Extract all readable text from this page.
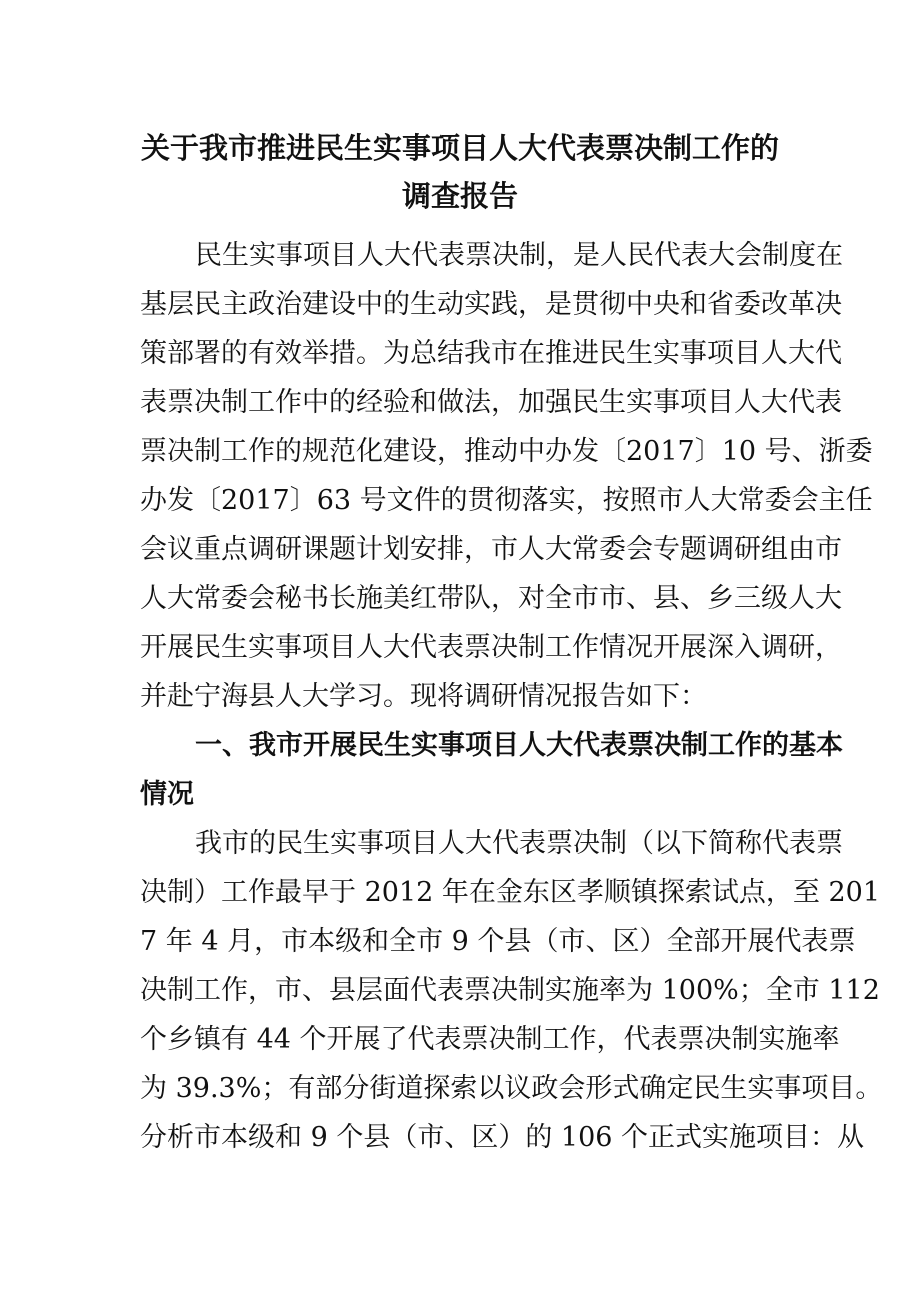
关于我市推进民生实事项目人大代表票决制工作的
调查报告
民生实事项目人大代表票决制，是人民代表大会制度在
基层民主政治建设中的生动实践，是贯彻中央和省委改革决
策部署的有效举措。为总结我市在推进民生实事项目人大代
表票决制工作中的经验和做法，加强民生实事项目人大代表
票决制工作的规范化建设，推动中办发〔2017〕10 号、浙委
办发〔2017〕63 号文件的贯彻落实，按照市人大常委会主任
会议重点调研课题计划安排，市人大常委会专题调研组由市
人大常委会秘书长施美红带队，对全市市、县、乡三级人大
开展民生实事项目人大代表票决制工作情况开展深入调研，
并赴宁海县人大学习。现将调研情况报告如下：
一、我市开展民生实事项目人大代表票决制工作的基本
情况
我市的民生实事项目人大代表票决制（以下简称代表票
决制）工作最早于 2012 年在金东区孝顺镇探索试点，至 201
7 年 4 月，市本级和全市 9 个县（市、区）全部开展代表票
决制工作，市、县层面代表票决制实施率为 100%；全市 112
个乡镇有 44 个开展了代表票决制工作，代表票决制实施率
为 39.3%；有部分街道探索以议政会形式确定民生实事项目。
分析市本级和 9 个县（市、区）的 106 个正式实施项目：从
